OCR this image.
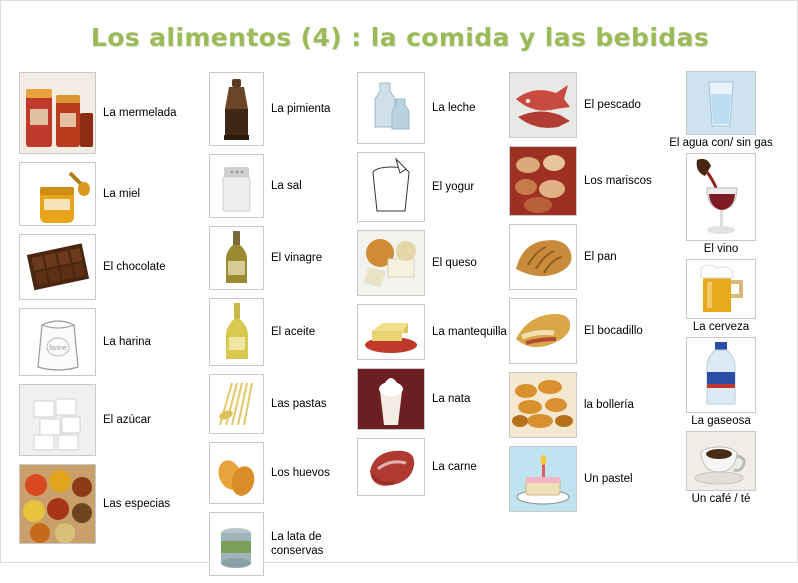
Los alimentos (4) : la comida y las bebidas
La mermelada
La miel
El chocolate
farine
La harina
El azúcar
Las especias
La pimienta
La sal
El vinagre
El aceite
Las pastas
Los huevos
La lata de conservas
La leche
El yogur
El queso
La mantequilla
La nata
La carne
El pescado
Los mariscos
El pan
El bocadillo
la bollería
Un pastel
El agua con/ sin gas
El vino
La cerveza
La gaseosa
Un café / té
